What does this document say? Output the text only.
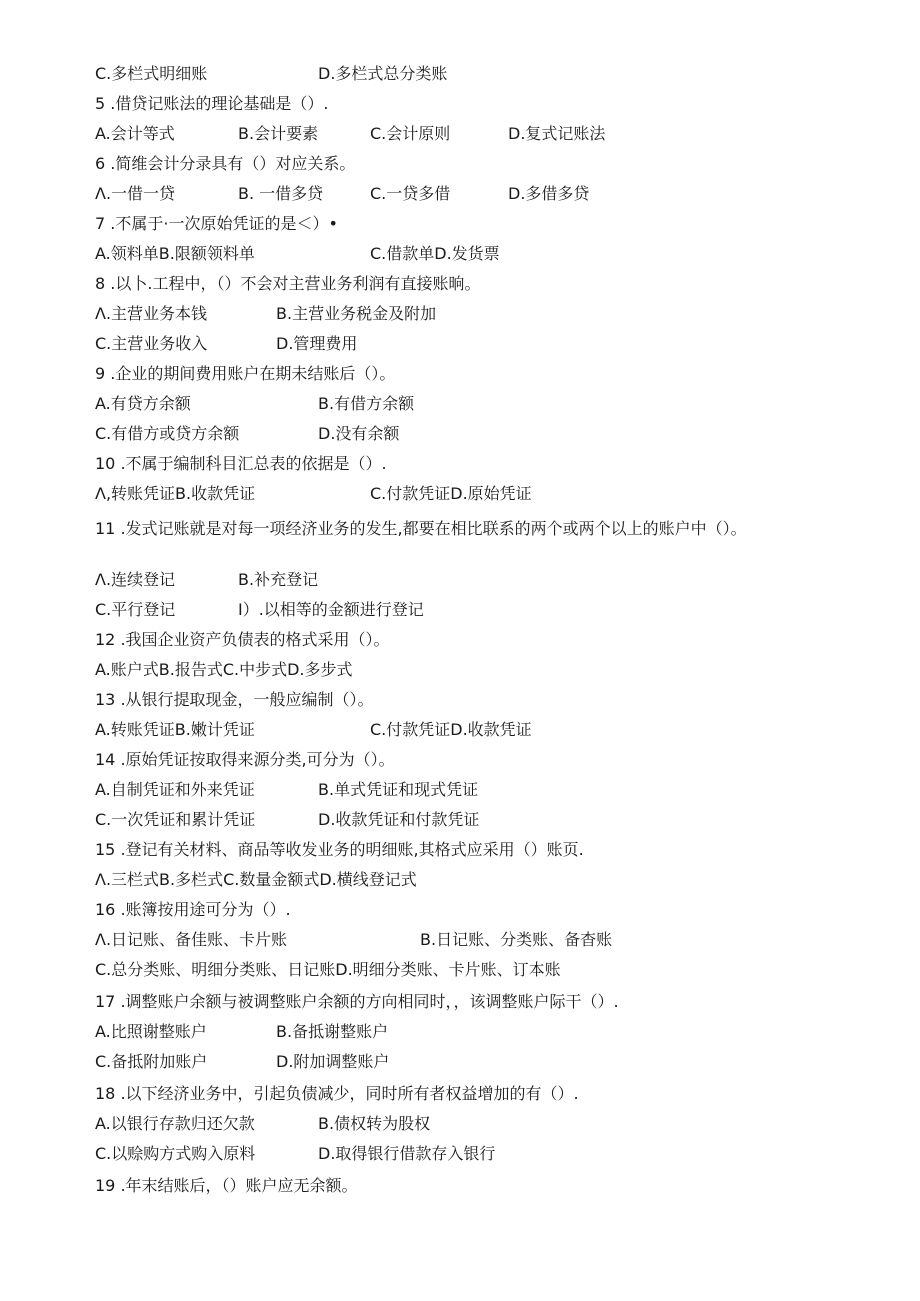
C.多栏式明细账	D.多栏式总分类账
5 .借贷记账法的理论基础是（）.
A.会计等式	B.会计要素	C.会计原则	D.复式记账法
6 .简维会计分录具有（）对应关系。
Λ.一借一贷	B. 一借多贷	C.一贷多借	D.多借多贷
7 .不属于·一次原始凭证的是＜）•
A.领料单B.限额领料单	C.借款单D.发货票
8 .以卜.工程中，（）不会对主营业务利润有直接账晌。
Λ.主营业务本钱	B.主营业务税金及附加
C.主营业务收入	D.管理费用
9 .企业的期间费用账户在期未结账后（）。
A.有贷方余额	B.有借方余额
C.有借方或贷方余额	D.没有余额
10 .不属于编制科目汇总表的依据是（）.
Λ,转账凭证B.收款凭证	C.付款凭证D.原始凭证
11 .发式记账就是对每一项经济业务的发生,都要在相比联系的两个或两个以上的账户中（）。
Λ.连续登记	B.补充登记
C.平行登记	I）.以相等的金额进行登记
12 .我国企业资产负债表的格式采用（）。
A.账户式B.报告式C.中步式D.多步式
13 .从银行提取现金，一般应编制（）。
A.转账凭证B.嫩计凭证	C.付款凭证D.收款凭证
14 .原始凭证按取得来源分类,可分为（）。
A.自制凭证和外来凭证	B.单式凭证和现式凭证
C.一次凭证和累计凭证	D.收款凭证和付款凭证
15 .登记有关材料、商品等收发业务的明细账,其格式应采用（）账页.
Λ.三栏式B.多栏式C.数量金额式D.横线登记式
16 .账簿按用途可分为（）.
Λ.日记账、备佳账、卡片账	B.日记账、分类账、备杳账
C.总分类账、明细分类账、日记账D.明细分类账、卡片账、订本账
17 .调整账户余额与被调整账户余额的方向相同时，，该调整账户际干（）.
A.比照谢整账户	B.备抵谢整账户
C.备抵附加账户	D.附加调整账户
18 .以下经济业务中，引起负债减少，同时所有者权益增加的有（）.
A.以银行存款归还欠款	B.债权转为股权
C.以赊购方式购入原料	D.取得银行借款存入银行
19 .年末结账后，（）账户应无余额。
